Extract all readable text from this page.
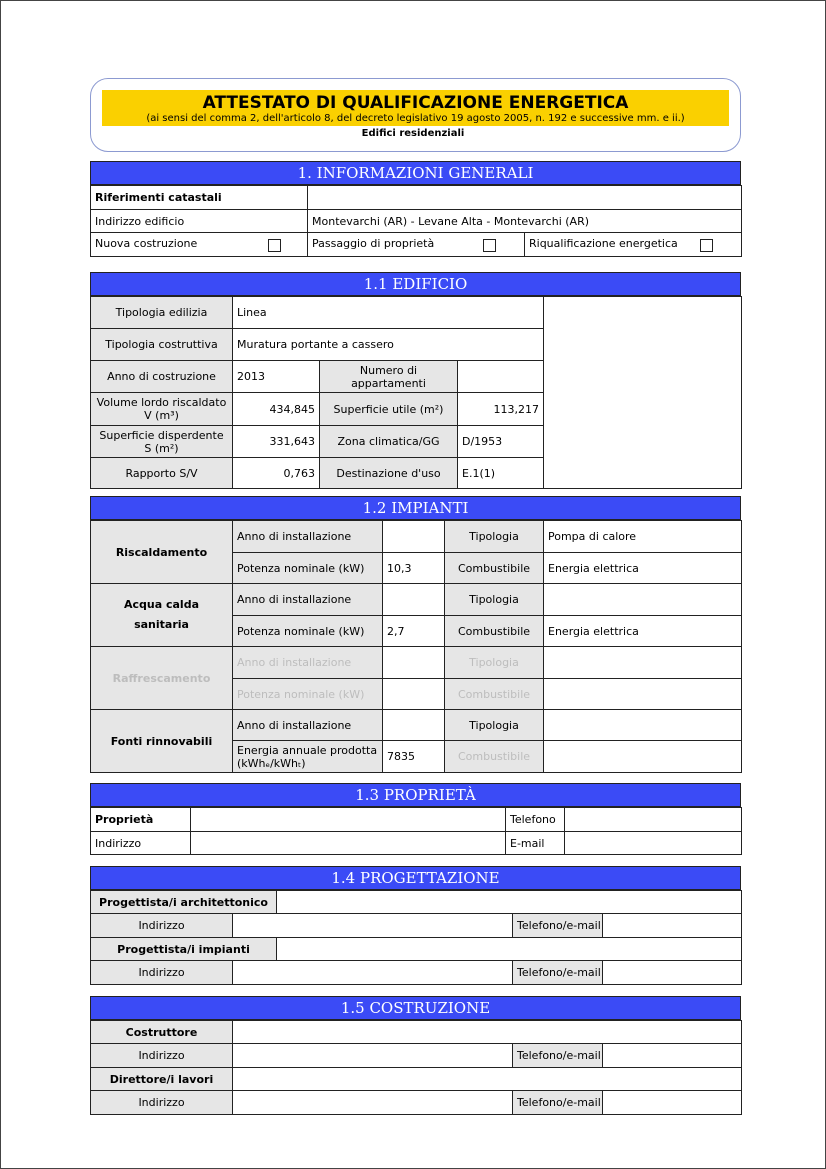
ATTESTATO DI QUALIFICAZIONE ENERGETICA
(ai sensi del comma 2, dell'articolo 8, del decreto legislativo 19 agosto 2005, n. 192 e successive mm. e ii.)
Edifici residenziali
1. INFORMAZIONI GENERALI
Riferimenti catastali		
Indirizzo edificio	Montevarchi (AR) - Levane Alta - Montevarchi (AR)	
Nuova costruzione	Passaggio di proprietà	Riqualificazione energetica
1.1 EDIFICIO
Tipologia edilizia	Linea			
Tipologia costruttiva	Muratura portante a cassero			
Anno di costruzione	2013	Numero di appartamenti		
Volume lordo riscaldato V (m³)	434,845	Superficie utile (m²)	113,217	
Superficie disperdente S (m²)	331,643	Zona climatica/GG	D/1953	
Rapporto S/V	0,763	Destinazione d'uso	E.1(1)	
1.2 IMPIANTI
Riscaldamento	Anno di installazione		Tipologia	Pompa di calore
	Potenza nominale (kW)	10,3	Combustibile	Energia elettrica
Acqua calda
sanitaria	Anno di installazione		Tipologia	
	Potenza nominale (kW)	2,7	Combustibile	Energia elettrica
Raffrescamento	Anno di installazione		Tipologia	
	Potenza nominale (kW)		Combustibile	
Fonti rinnovabili	Anno di installazione		Tipologia	
	Energia annuale prodotta
(kWhₑ/kWhₜ)	7835	Combustibile	
1.3 PROPRIETÀ
Proprietà		Telefono	
Indirizzo		E-mail	
1.4 PROGETTAZIONE
Progettista/i architettonico				
Indirizzo			Telefono/e-mail	
Progettista/i impianti				
Indirizzo			Telefono/e-mail	
1.5 COSTRUZIONE
Costruttore			
Indirizzo		Telefono/e-mail	
Direttore/i lavori			
Indirizzo		Telefono/e-mail	
